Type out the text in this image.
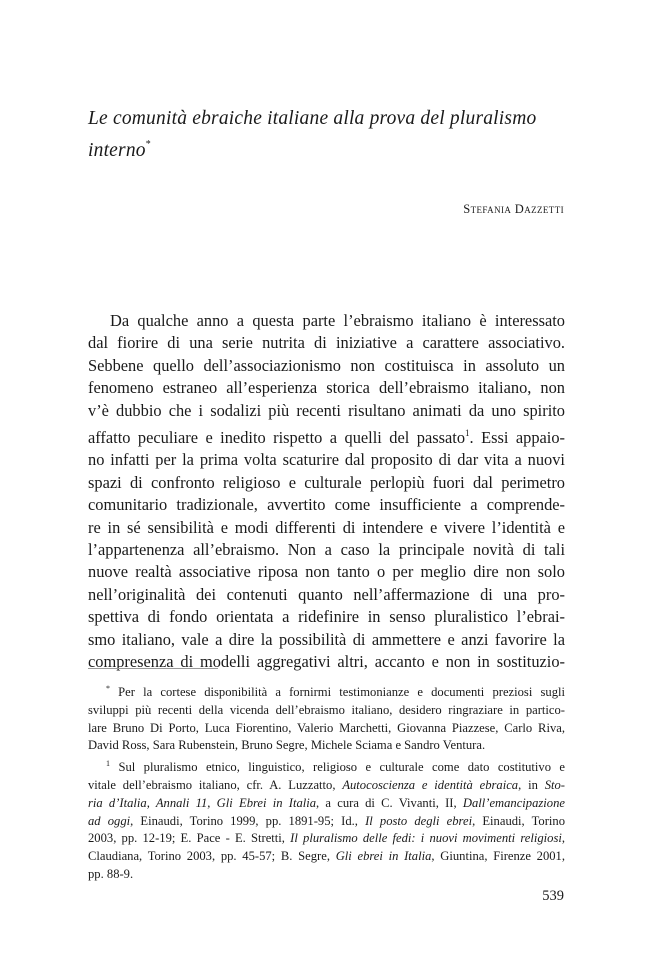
Le comunità ebraiche italiane alla prova del pluralismo
interno*
Stefania Dazzetti
Da qualche anno a questa parte l’ebraismo italiano è interessato
dal fiorire di una serie nutrita di iniziative a carattere associativo.
Sebbene quello dell’associazionismo non costituisca in assoluto un
fenomeno estraneo all’esperienza storica dell’ebraismo italiano, non
v’è dubbio che i sodalizi più recenti risultano animati da uno spirito
affatto peculiare e inedito rispetto a quelli del passato$^1$. Essi appaio-
no infatti per la prima volta scaturire dal proposito di dar vita a nuovi
spazi di confronto religioso e culturale perlopiù fuori dal perimetro
comunitario tradizionale, avvertito come insufficiente a comprende-
re in sé sensibilità e modi differenti di intendere e vivere l’identità e
l’appartenenza all’ebraismo. Non a caso la principale novità di tali
nuove realtà associative riposa non tanto o per meglio dire non solo
nell’originalità dei contenuti quanto nell’affermazione di una pro-
spettiva di fondo orientata a ridefinire in senso pluralistico l’ebrai-
smo italiano, vale a dire la possibilità di ammettere e anzi favorire la
compresenza di modelli aggregativi altri, accanto e non in sostituzio-
* Per la cortese disponibilità a fornirmi testimonianze e documenti preziosi sugli
sviluppi più recenti della vicenda dell’ebraismo italiano, desidero ringraziare in partico-
lare Bruno Di Porto, Luca Fiorentino, Valerio Marchetti, Giovanna Piazzese, Carlo Riva,
David Ross, Sara Rubenstein, Bruno Segre, Michele Sciama e Sandro Ventura.
$^1$ Sul pluralismo etnico, linguistico, religioso e culturale come dato costitutivo e
vitale dell’ebraismo italiano, cfr. A. Luzzatto, Autocoscienza e identità ebraica, in Sto-
ria d’Italia, Annali 11, Gli Ebrei in Italia, a cura di C. Vivanti, II, Dall’emancipazione
ad oggi, Einaudi, Torino 1999, pp. 1891-95; Id., Il posto degli ebrei, Einaudi, Torino
2003, pp. 12-19; E. Pace - E. Stretti, Il pluralismo delle fedi: i nuovi movimenti religiosi,
Claudiana, Torino 2003, pp. 45-57; B. Segre, Gli ebrei in Italia, Giuntina, Firenze 2001,
pp. 88-9.
539
